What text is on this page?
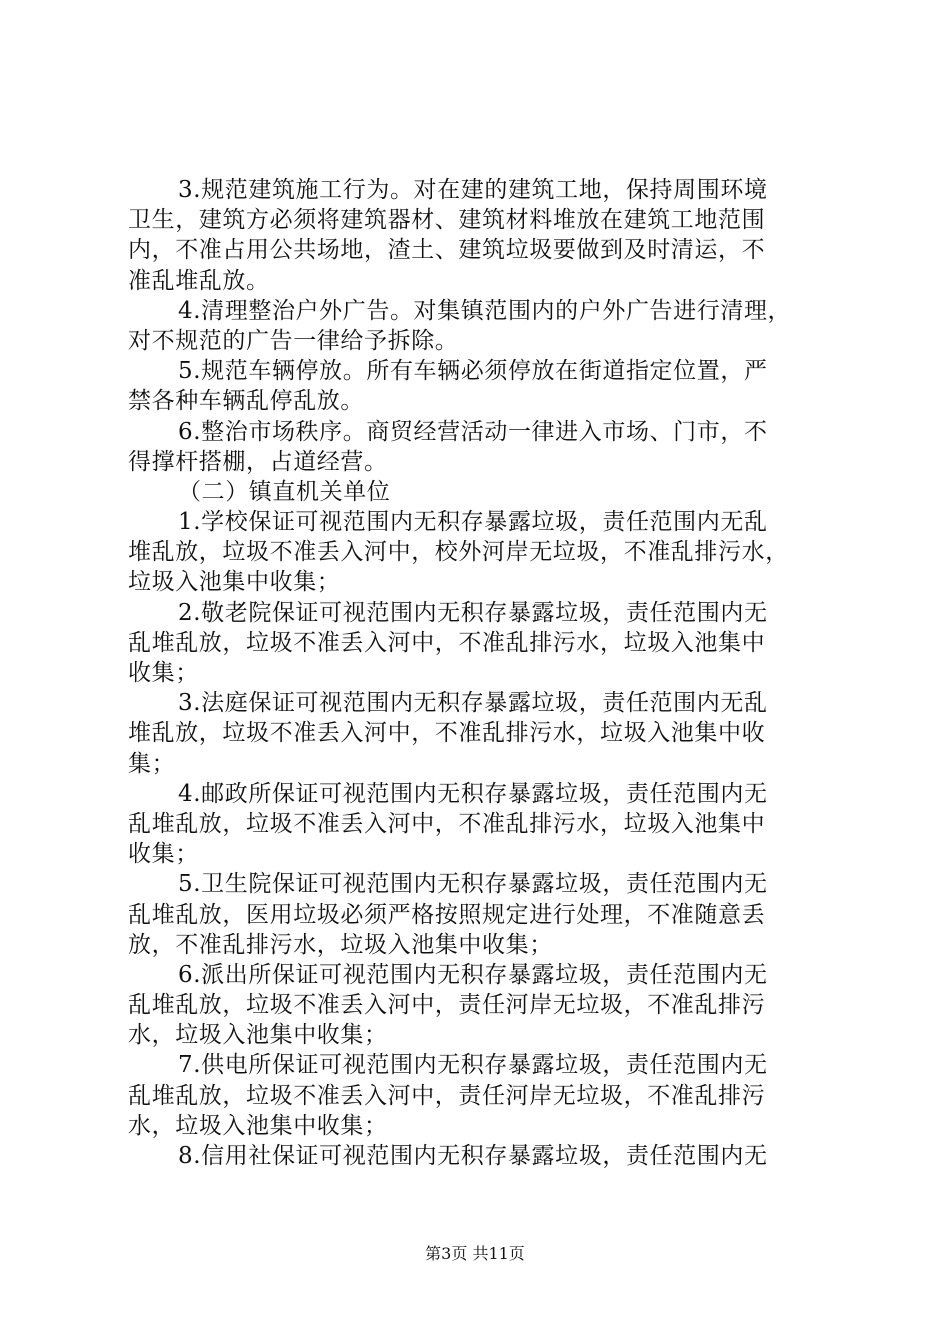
3.规范建筑施工行为。对在建的建筑工地，保持周围环境
卫生，建筑方必须将建筑器材、建筑材料堆放在建筑工地范围
内，不准占用公共场地，渣土、建筑垃圾要做到及时清运，不
准乱堆乱放。
4.清理整治户外广告。对集镇范围内的户外广告进行清理，
对不规范的广告一律给予拆除。
5.规范车辆停放。所有车辆必须停放在街道指定位置，严
禁各种车辆乱停乱放。
6.整治市场秩序。商贸经营活动一律进入市场、门市，不
得撑杆搭棚，占道经营。
（二）镇直机关单位
1.学校保证可视范围内无积存暴露垃圾，责任范围内无乱
堆乱放，垃圾不准丢入河中，校外河岸无垃圾，不准乱排污水，
垃圾入池集中收集；
2.敬老院保证可视范围内无积存暴露垃圾，责任范围内无
乱堆乱放，垃圾不准丢入河中，不准乱排污水，垃圾入池集中
收集；
3.法庭保证可视范围内无积存暴露垃圾，责任范围内无乱
堆乱放，垃圾不准丢入河中，不准乱排污水，垃圾入池集中收
集；
4.邮政所保证可视范围内无积存暴露垃圾，责任范围内无
乱堆乱放，垃圾不准丢入河中，不准乱排污水，垃圾入池集中
收集；
5.卫生院保证可视范围内无积存暴露垃圾，责任范围内无
乱堆乱放，医用垃圾必须严格按照规定进行处理，不准随意丢
放，不准乱排污水，垃圾入池集中收集；
6.派出所保证可视范围内无积存暴露垃圾，责任范围内无
乱堆乱放，垃圾不准丢入河中，责任河岸无垃圾，不准乱排污
水，垃圾入池集中收集；
7.供电所保证可视范围内无积存暴露垃圾，责任范围内无
乱堆乱放，垃圾不准丢入河中，责任河岸无垃圾，不准乱排污
水，垃圾入池集中收集；
8.信用社保证可视范围内无积存暴露垃圾，责任范围内无
第3页 共11页
